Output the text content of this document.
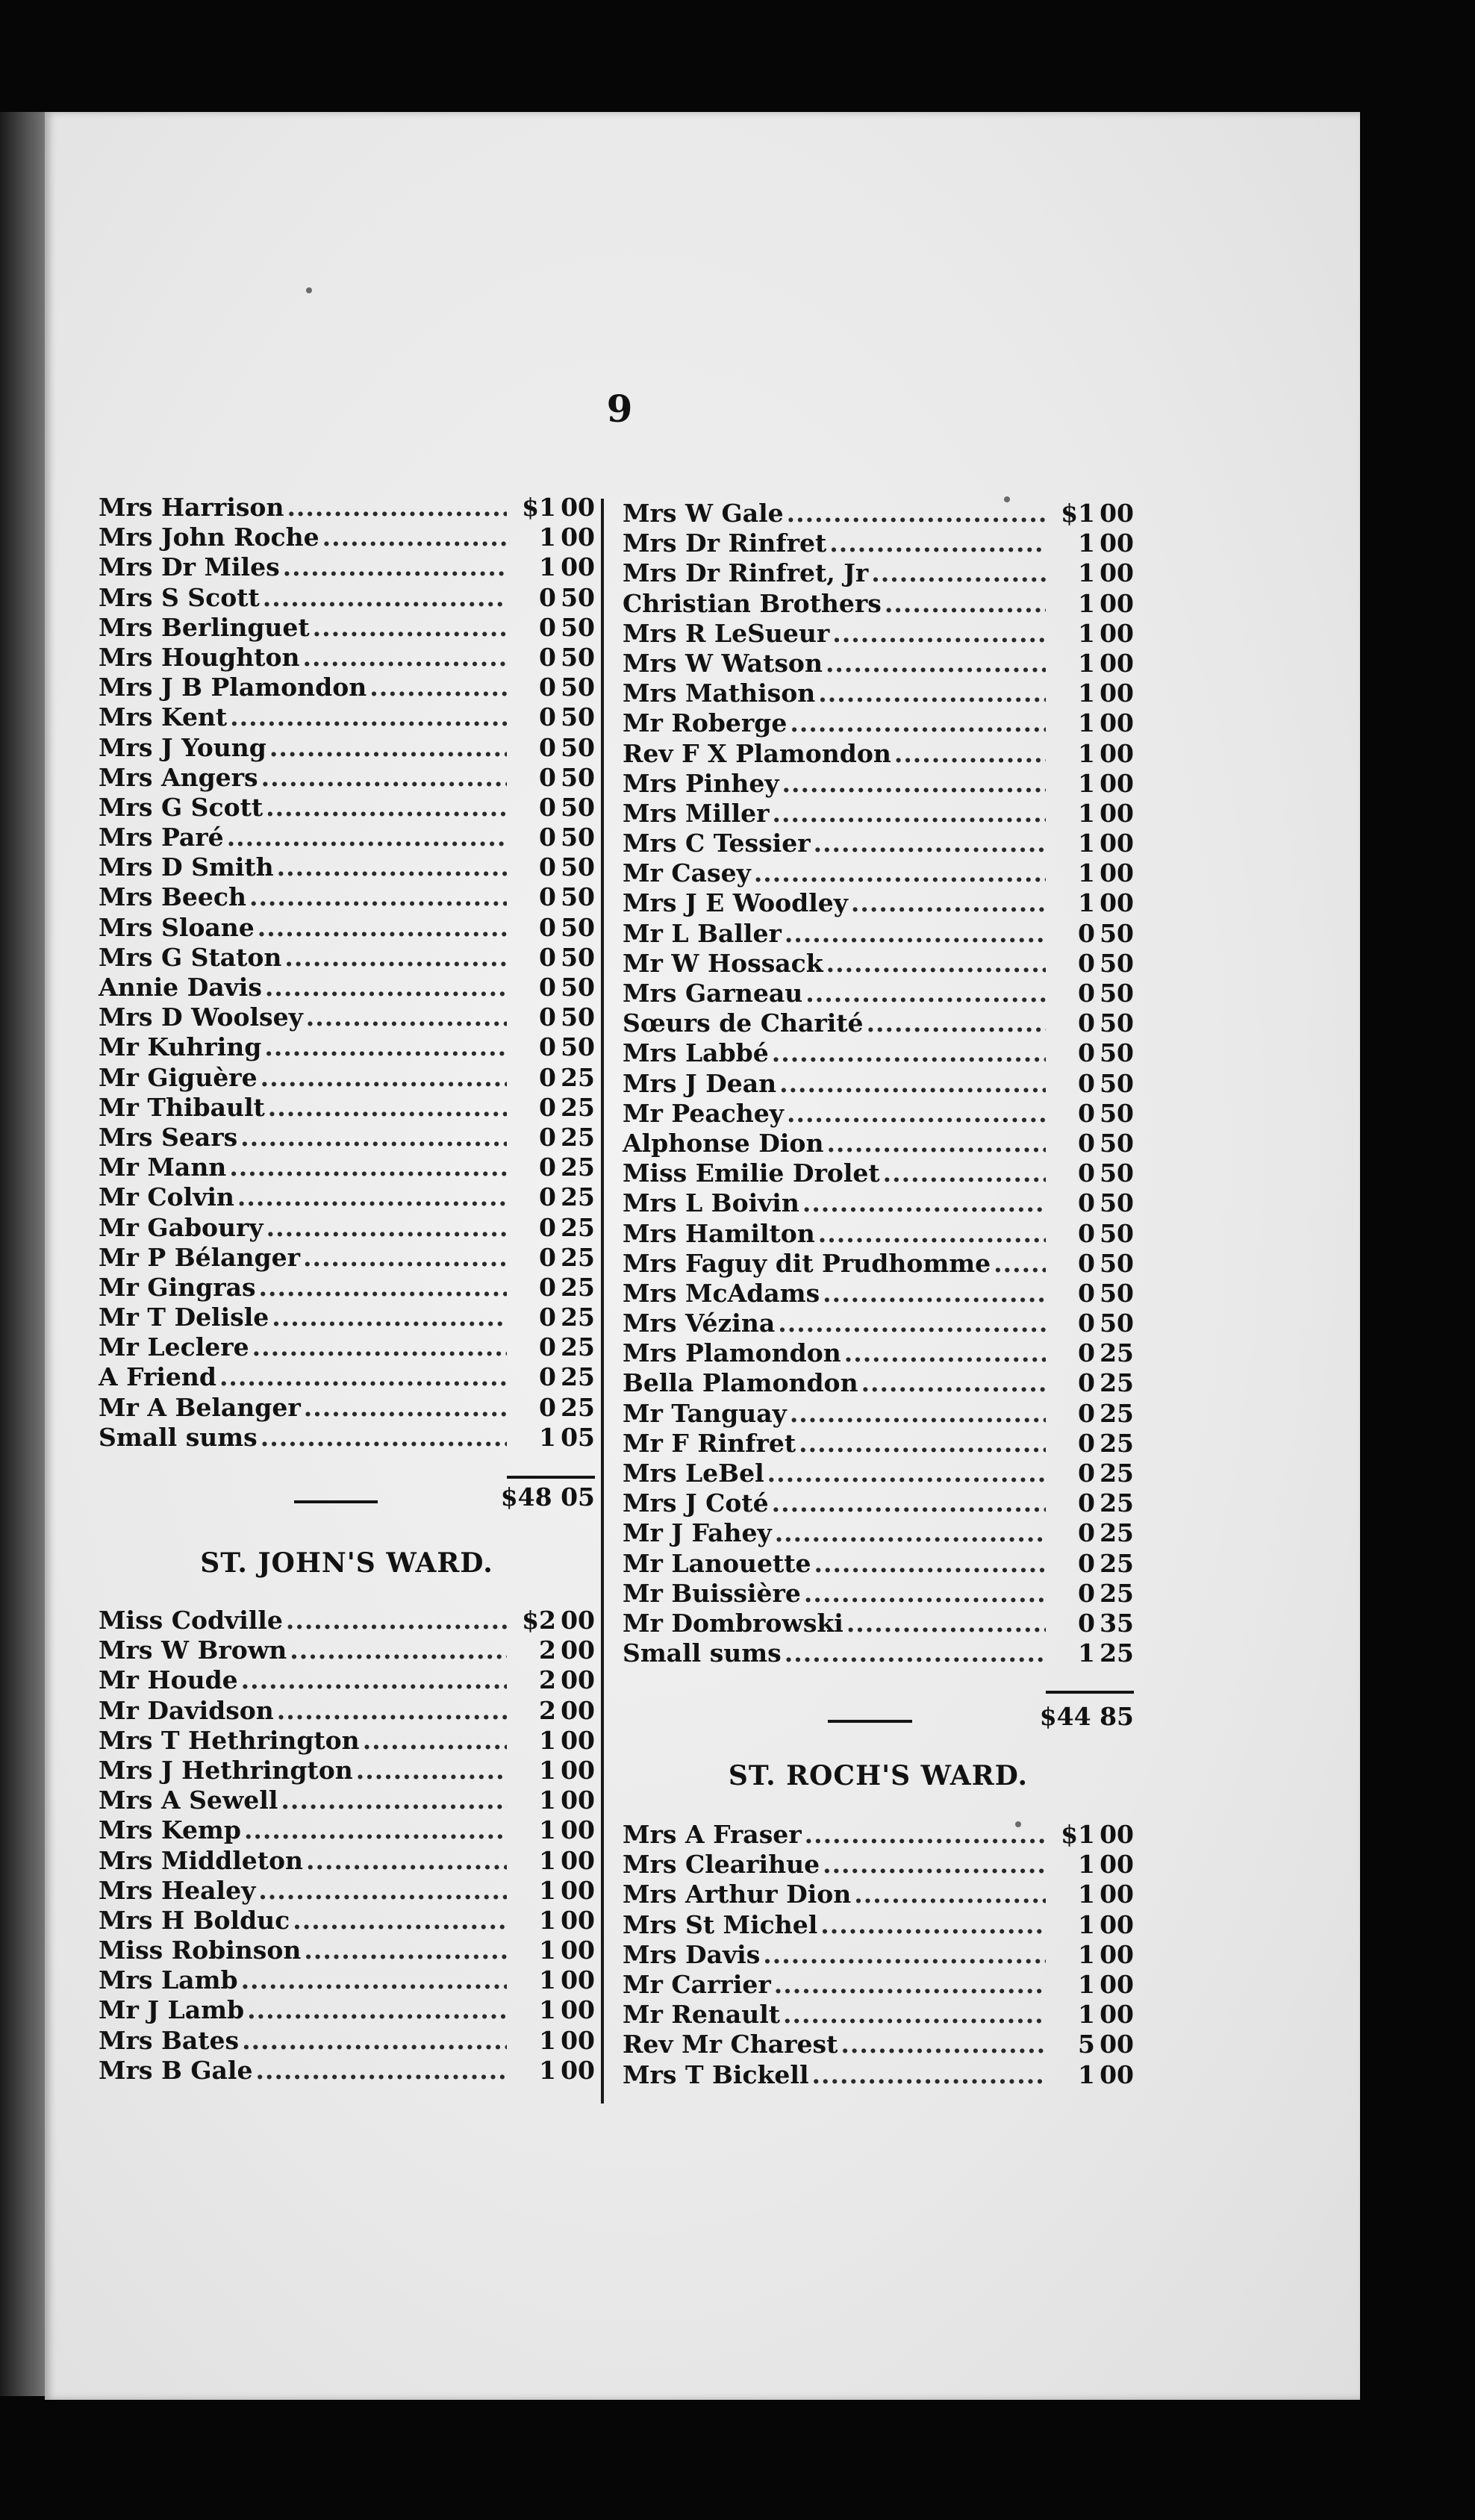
9
Mrs Harrison .....	$1 00
Mrs John Roche .....	1 00
Mrs Dr Miles .....	1 00
Mrs S Scott .....	0 50
Mrs Berlinguet .....	0 50
Mrs Houghton .....	0 50
Mrs J B Plamondon .....	0 50
Mrs Kent .....	0 50
Mrs J Young .....	0 50
Mrs Angers .....	0 50
Mrs G Scott .....	0 50
Mrs Paré .....	0 50
Mrs D Smith .....	0 50
Mrs Beech .....	0 50
Mrs Sloane .....	0 50
Mrs G Staton .....	0 50
Annie Davis .....	0 50
Mrs D Woolsey .....	0 50
Mr Kuhring .....	0 50
Mr Giguère .....	0 25
Mr Thibault .....	0 25
Mrs Sears .....	0 25
Mr Mann .....	0 25
Mr Colvin .....	0 25
Mr Gaboury .....	0 25
Mr P Bélanger .....	0 25
Mr Gingras .....	0 25
Mr T Delisle .....	0 25
Mr Leclere .....	0 25
A Friend .....	0 25
Mr A Belanger .....	0 25
Small sums .....	1 05
$48 05
ST. JOHN'S WARD.
Miss Codville .....	$2 00
Mrs W Brown .....	2 00
Mr Houde .....	2 00
Mr Davidson .....	2 00
Mrs T Hethrington .....	1 00
Mrs J Hethrington .....	1 00
Mrs A Sewell .....	1 00
Mrs Kemp .....	1 00
Mrs Middleton .....	1 00
Mrs Healey .....	1 00
Mrs H Bolduc .....	1 00
Miss Robinson .....	1 00
Mrs Lamb .....	1 00
Mr J Lamb .....	1 00
Mrs Bates .....	1 00
Mrs B Gale .....	1 00
Mrs W Gale .....	$1 00
Mrs Dr Rinfret .....	1 00
Mrs Dr Rinfret, Jr .....	1 00
Christian Brothers .....	1 00
Mrs R LeSueur .....	1 00
Mrs W Watson .....	1 00
Mrs Mathison .....	1 00
Mr Roberge .....	1 00
Rev F X Plamondon .....	1 00
Mrs Pinhey .....	1 00
Mrs Miller .....	1 00
Mrs C Tessier .....	1 00
Mr Casey .....	1 00
Mrs J E Woodley .....	1 00
Mr L Baller .....	0 50
Mr W Hossack .....	0 50
Mrs Garneau .....	0 50
Sœurs de Charité .....	0 50
Mrs Labbé .....	0 50
Mrs J Dean .....	0 50
Mr Peachey .....	0 50
Alphonse Dion .....	0 50
Miss Emilie Drolet .....	0 50
Mrs L Boivin .....	0 50
Mrs Hamilton .....	0 50
Mrs Faguy dit Prudhomme .....	0 50
Mrs McAdams .....	0 50
Mrs Vézina .....	0 50
Mrs Plamondon .....	0 25
Bella Plamondon .....	0 25
Mr Tanguay .....	0 25
Mr F Rinfret .....	0 25
Mrs LeBel .....	0 25
Mrs J Coté .....	0 25
Mr J Fahey .....	0 25
Mr Lanouette .....	0 25
Mr Buissière .....	0 25
Mr Dombrowski .....	0 35
Small sums .....	1 25
$44 85
ST. ROCH'S WARD.
Mrs A Fraser .....	$1 00
Mrs Clearihue .....	1 00
Mrs Arthur Dion .....	1 00
Mrs St Michel .....	1 00
Mrs Davis .....	1 00
Mr Carrier .....	1 00
Mr Renault .....	1 00
Rev Mr Charest .....	5 00
Mrs T Bickell .....	1 00
